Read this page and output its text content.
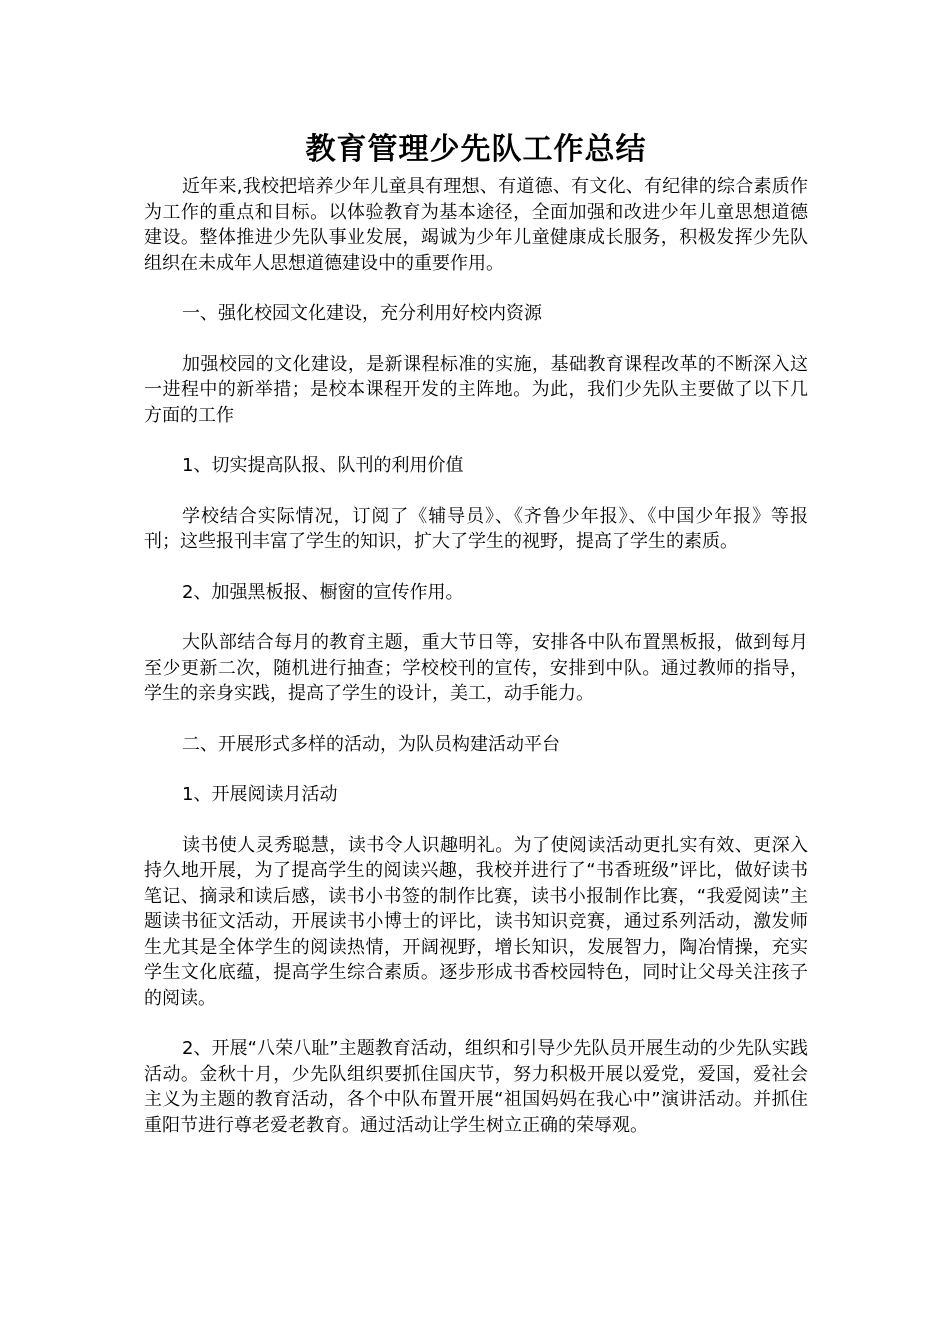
教育管理少先队工作总结

近年来,我校把培养少年儿童具有理想、有道德、有文化、有纪律的综合素质作为工作的重点和目标。以体验教育为基本途径，全面加强和改进少年儿童思想道德建设。整体推进少先队事业发展，竭诚为少年儿童健康成长服务，积极发挥少先队组织在未成年人思想道德建设中的重要作用。

一、强化校园文化建设，充分利用好校内资源

加强校园的文化建设，是新课程标准的实施，基础教育课程改革的不断深入这一进程中的新举措；是校本课程开发的主阵地。为此，我们少先队主要做了以下几方面的工作

1、切实提高队报、队刊的利用价值

学校结合实际情况，订阅了《辅导员》、《齐鲁少年报》、《中国少年报》等报刊；这些报刊丰富了学生的知识，扩大了学生的视野，提高了学生的素质。

2、加强黑板报、橱窗的宣传作用。

大队部结合每月的教育主题，重大节日等，安排各中队布置黑板报，做到每月至少更新二次，随机进行抽查；学校校刊的宣传，安排到中队。通过教师的指导，学生的亲身实践，提高了学生的设计，美工，动手能力。

二、开展形式多样的活动，为队员构建活动平台

1、开展阅读月活动

读书使人灵秀聪慧，读书令人识趣明礼。为了使阅读活动更扎实有效、更深入持久地开展，为了提高学生的阅读兴趣，我校并进行了“书香班级”评比，做好读书笔记、摘录和读后感，读书小书签的制作比赛，读书小报制作比赛，“我爱阅读”主题读书征文活动，开展读书小博士的评比，读书知识竞赛，通过系列活动，激发师生尤其是全体学生的阅读热情，开阔视野，增长知识，发展智力，陶冶情操，充实学生文化底蕴，提高学生综合素质。逐步形成书香校园特色，同时让父母关注孩子的阅读。

2、开展“八荣八耻”主题教育活动，组织和引导少先队员开展生动的少先队实践活动。金秋十月，少先队组织要抓住国庆节，努力积极开展以爱党，爱国，爱社会主义为主题的教育活动，各个中队布置开展“祖国妈妈在我心中”演讲活动。并抓住重阳节进行尊老爱老教育。通过活动让学生树立正确的荣辱观。
